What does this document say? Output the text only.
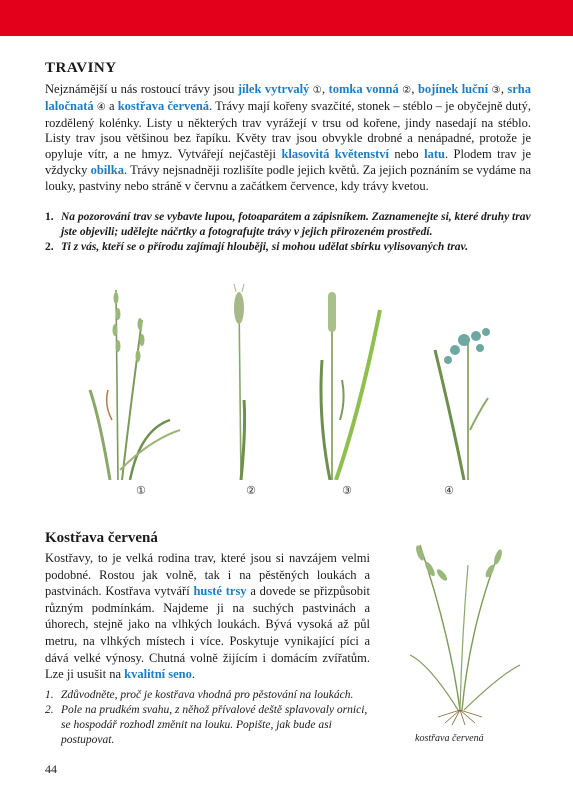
TRAVINY

Nejznámější u nás rostoucí trávy jsou jílek vytrvalý ①, tomka vonná ②, bojínek luční ③, srha laločnatá ④ a kostřava červená. Trávy mají kořeny svazčité, stonek – stéblo – je obyčejně dutý, rozdělený kolénky. Listy u některých trav vyrážejí v trsu od kořene, jindy nasedají na stéblo. Listy trav jsou většinou bez řapíku. Květy trav jsou obvykle drobné a nenápadné, protože je opyluje vítr, a ne hmyz. Vytvářejí nejčastěji klasovitá květenství nebo latu. Plodem trav je vždycky obilka. Trávy nejsnadněji rozlišíte podle jejich květů. Za jejich poznáním se vydáme na louky, pastviny nebo stráně v červnu a začátkem července, kdy trávy kvetou.

1. Na pozorování trav se vybavte lupou, fotoaparátem a zápisníkem. Zaznamenejte si, které druhy trav jste objevili; udělejte náčrtky a fotografujte trávy v jejich přirozeném prostředí.
2. Ti z vás, kteří se o přírodu zajímají hlouběji, si mohou udělat sbírku vylisovaných trav.
①	②	③	④
Kostřava červená

Kostřavy, to je velká rodina trav, které jsou si navzájem velmi podobné. Rostou jak volně, tak i na pěstěných loukách a pastvinách. Kostřava vytváří husté trsy a dovede se přizpůsobit různým podmínkám. Najdeme ji na suchých pastvinách a úhorech, stejně jako na vlhkých loukách. Bývá vysoká až půl metru, na vlhkých místech i více. Poskytuje vynikající píci a dává velké výnosy. Chutná volně žijícím i domácím zvířatům. Lze ji usušit na kvalitní seno.

1. Zdůvodněte, proč je kostřava vhodná pro pěstování na loukách.
2. Pole na prudkém svahu, z něhož přívalové deště splavovaly ornici, se hospodář rozhodl změnit na louku. Popište, jak bude asi postupovat.	kostřava červená
44
